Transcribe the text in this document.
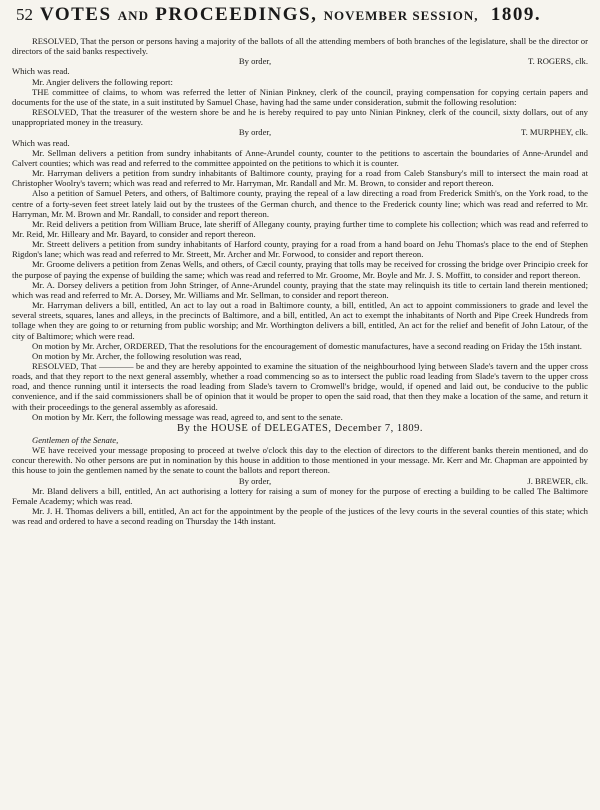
52 VOTES AND PROCEEDINGS, NOVEMBER SESSION, 1809.

RESOLVED, That the person or persons having a majority of the ballots of all the attending members of both branches of the legislature, shall be the director or directors of the said banks respectively.

By order,	T. ROGERS, clk.

Which was read.

Mr. Angier delivers the following report:

THE committee of claims, to whom was referred the letter of Ninian Pinkney, clerk of the council, praying compensation for copying certain papers and documents for the use of the state, in a suit instituted by Samuel Chase, having had the same under consideration, submit the following resolution:

RESOLVED, That the treasurer of the western shore be and he is hereby required to pay unto Ninian Pinkney, clerk of the council, sixty dollars, out of any unappropriated money in the treasury.

By order,	T. MURPHEY, clk.

Which was read.

Mr. Sellman delivers a petition from sundry inhabitants of Anne-Arundel county, counter to the petitions to ascertain the boundaries of Anne-Arundel and Calvert counties; which was read and referred to the committee appointed on the petitions to which it is counter.

Mr. Harryman delivers a petition from sundry inhabitants of Baltimore county, praying for a road from Caleb Stansbury's mill to intersect the main road at Christopher Woolry's tavern; which was read and referred to Mr. Harryman, Mr. Randall and Mr. M. Brown, to consider and report thereon.

Also a petition of Samuel Peters, and others, of Baltimore county, praying the repeal of a law directing a road from Frederick Smith's, on the York road, to the centre of a forty-seven feet street lately laid out by the trustees of the German church, and thence to the Frederick county line; which was read and referred to Mr. Harryman, Mr. M. Brown and Mr. Randall, to consider and report thereon.

Mr. Reid delivers a petition from William Bruce, late sheriff of Allegany county, praying further time to complete his collection; which was read and referred to Mr. Reid, Mr. Hilleary and Mr. Bayard, to consider and report thereon.

Mr. Streett delivers a petition from sundry inhabitants of Harford county, praying for a road from a hand board on Jehu Thomas's place to the end of Stephen Rigdon's lane; which was read and referred to Mr. Streett, Mr. Archer and Mr. Forwood, to consider and report thereon.

Mr. Groome delivers a petition from Zenas Wells, and others, of Cæcil county, praying that tolls may be received for crossing the bridge over Principio creek for the purpose of paying the expense of building the same; which was read and referred to Mr. Groome, Mr. Boyle and Mr. J. S. Moffitt, to consider and report thereon.

Mr. A. Dorsey delivers a petition from John Stringer, of Anne-Arundel county, praying that the state may relinquish its title to certain land therein mentioned; which was read and referred to Mr. A. Dorsey, Mr. Williams and Mr. Sellman, to consider and report thereon.

Mr. Harryman delivers a bill, entitled, An act to lay out a road in Baltimore county, a bill, entitled, An act to appoint commissioners to grade and level the several streets, squares, lanes and alleys, in the precincts of Baltimore, and a bill, entitled, An act to exempt the inhabitants of North and Pipe Creek Hundreds from tollage when they are going to or returning from public worship; and Mr. Worthington delivers a bill, entitled, An act for the relief and benefit of John Latour, of the city of Baltimore; which were read.

On motion by Mr. Archer, ORDERED, That the resolutions for the encouragement of domestic manufactures, have a second reading on Friday the 15th instant.

On motion by Mr. Archer, the following resolution was read,

RESOLVED, That ———— be and they are hereby appointed to examine the situation of the neighbourhood lying between Slade's tavern and the upper cross roads, and that they report to the next general assembly, whether a road commencing so as to intersect the public road leading from Slade's tavern to the upper cross road, and thence running until it intersects the road leading from Slade's tavern to Cromwell's bridge, would, if opened and laid out, be conducive to the public convenience, and if the said commissioners shall be of opinion that it would be proper to open the said road, that then they make a location of the same, and return it with their proceedings to the general assembly as aforesaid.

On motion by Mr. Kerr, the following message was read, agreed to, and sent to the senate.

By the HOUSE of DELEGATES, December 7, 1809.

Gentlemen of the Senate,

WE have received your message proposing to proceed at twelve o'clock this day to the election of directors to the different banks therein mentioned, and do concur therewith. No other persons are put in nomination by this house in addition to those mentioned in your message. Mr. Kerr and Mr. Chapman are appointed by this house to join the gentlemen named by the senate to count the ballots and report thereon.

By order,	J. BREWER, clk.

Mr. Bland delivers a bill, entitled, An act authorising a lottery for raising a sum of money for the purpose of erecting a building to be called The Baltimore Female Academy; which was read.

Mr. J. H. Thomas delivers a bill, entitled, An act for the appointment by the people of the justices of the levy courts in the several counties of this state; which was read and ordered to have a second reading on Thursday the 14th instant.
